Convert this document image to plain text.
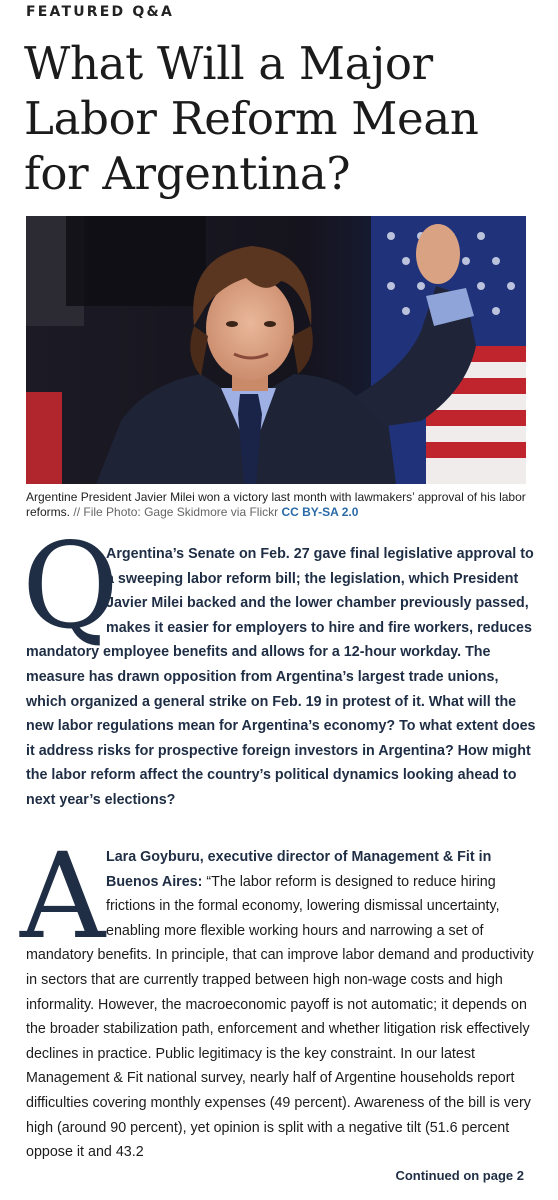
FEATURED Q&A
What Will a Major Labor Reform Mean for Argentina?
Argentine President Javier Milei won a victory last month with lawmakers’ approval of his labor reforms. // File Photo: Gage Skidmore via Flickr CC BY-SA 2.0
Q

Argentina’s Senate on Feb. 27 gave final legislative approval to a sweeping labor reform bill; the legislation, which President Javier Milei backed and the lower chamber previously passed, makes it easier for employers to hire and fire workers, reduces mandatory employee benefits and allows for a 12-hour workday. The measure has drawn opposition from Argentina’s largest trade unions, which organized a general strike on Feb. 19 in protest of it. What will the new labor regulations mean for Argentina’s economy? To what extent does it address risks for prospective foreign investors in Argentina? How might the labor reform affect the country’s political dynamics looking ahead to next year’s elections?

A Lara Goyburu, executive director of Management & Fit in Buenos Aires: “The labor reform is designed to reduce hiring frictions in the formal economy, lowering dismissal uncertainty, enabling more flexible working hours and narrowing a set of mandatory benefits. In principle, that can improve labor demand and productivity in sectors that are currently trapped between high non-wage costs and high informality. However, the macroeconomic payoff is not automatic; it depends on the broader stabilization path, enforcement and whether litigation risk effectively declines in practice. Public legitimacy is the key constraint. In our latest Management & Fit national survey, nearly half of Argentine households report difficulties covering monthly expenses (49 percent). Awareness of the bill is very high (around 90 percent), yet opinion is split with a negative tilt (51.6 percent oppose it and 43.2

Continued on page 2
